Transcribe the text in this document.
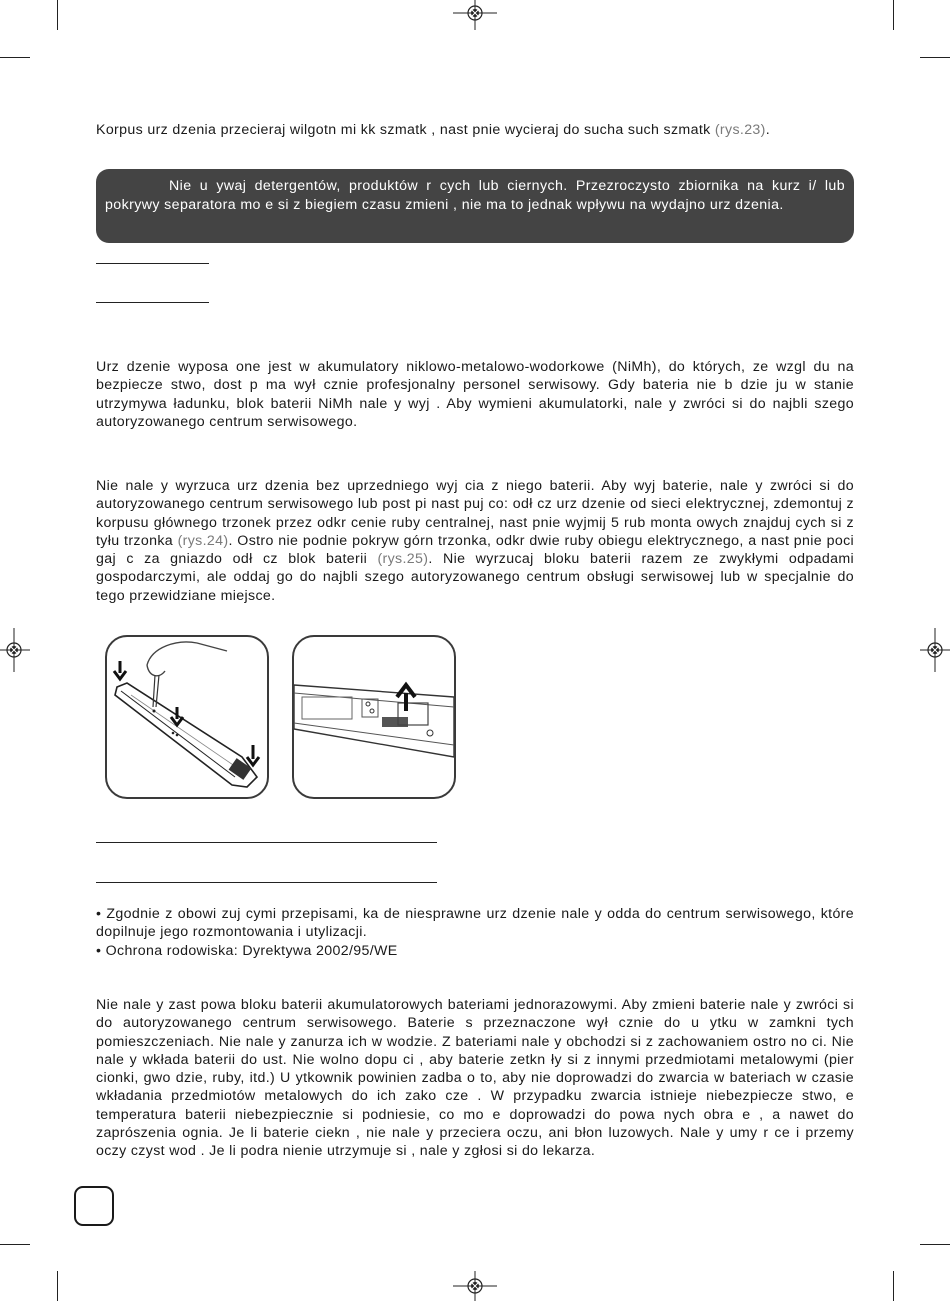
Korpus urz dzenia przecieraj wilgotn mi kk szmatk , nast pnie wycieraj do sucha such szmatk (rys.23).

Nie u ywaj detergentów, produktów r cych lub ciernych. Przezroczysto zbiornika na kurz i/ lub pokrywy separatora mo e si z biegiem czasu zmieni , nie ma to jednak wpływu na wydajno urz dzenia.

Urz dzenie wyposa one jest w akumulatory niklowo-metalowo-wodorkowe (NiMh), do których, ze wzgl du na bezpiecze stwo, dost p ma wył cznie profesjonalny personel serwisowy. Gdy bateria nie b dzie ju w stanie utrzymywa ładunku, blok baterii NiMh nale y wyj . Aby wymieni akumulatorki, nale y zwróci si do najbli szego autoryzowanego centrum serwisowego.

Nie nale y wyrzuca urz dzenia bez uprzedniego wyj cia z niego baterii. Aby wyj baterie, nale y zwróci si do autoryzowanego centrum serwisowego lub post pi nast puj co: odł cz urz dzenie od sieci elektrycznej, zdemontuj z korpusu głównego trzonek przez odkr cenie ruby centralnej, nast pnie wyjmij 5 rub monta owych znajduj cych si z tyłu trzonka (rys.24). Ostro nie podnie pokryw górn trzonka, odkr dwie ruby obiegu elektrycznego, a nast pnie poci gaj c za gniazdo odł cz blok baterii (rys.25). Nie wyrzucaj bloku baterii razem ze zwykłymi odpadami gospodarczymi, ale oddaj go do najbli szego autoryzowanego centrum obsługi serwisowej lub w specjalnie do tego przewidziane miejsce.

• Zgodnie z obowi zuj cymi przepisami, ka de niesprawne urz dzenie nale y odda do centrum serwisowego, które dopilnuje jego rozmontowania i utylizacji.
• Ochrona rodowiska: Dyrektywa 2002/95/WE

Nie nale y zast powa bloku baterii akumulatorowych bateriami jednorazowymi. Aby zmieni baterie nale y zwróci si do autoryzowanego centrum serwisowego. Baterie s przeznaczone wył cznie do u ytku w zamkni tych pomieszczeniach. Nie nale y zanurza ich w wodzie. Z bateriami nale y obchodzi si z zachowaniem ostro no ci. Nie nale y wkłada baterii do ust. Nie wolno dopu ci , aby baterie zetkn ły si z innymi przedmiotami metalowymi (pier cionki, gwo dzie, ruby, itd.) U ytkownik powinien zadba o to, aby nie doprowadzi do zwarcia w bateriach w czasie wkładania przedmiotów metalowych do ich zako cze . W przypadku zwarcia istnieje niebezpiecze stwo, e temperatura baterii niebezpiecznie si podniesie, co mo e doprowadzi do powa nych obra e , a nawet do zaprószenia ognia. Je li baterie ciekn , nie nale y przeciera oczu, ani błon luzowych. Nale y umy r ce i przemy oczy czyst wod . Je li podra nienie utrzymuje si , nale y zgłosi si do lekarza.
